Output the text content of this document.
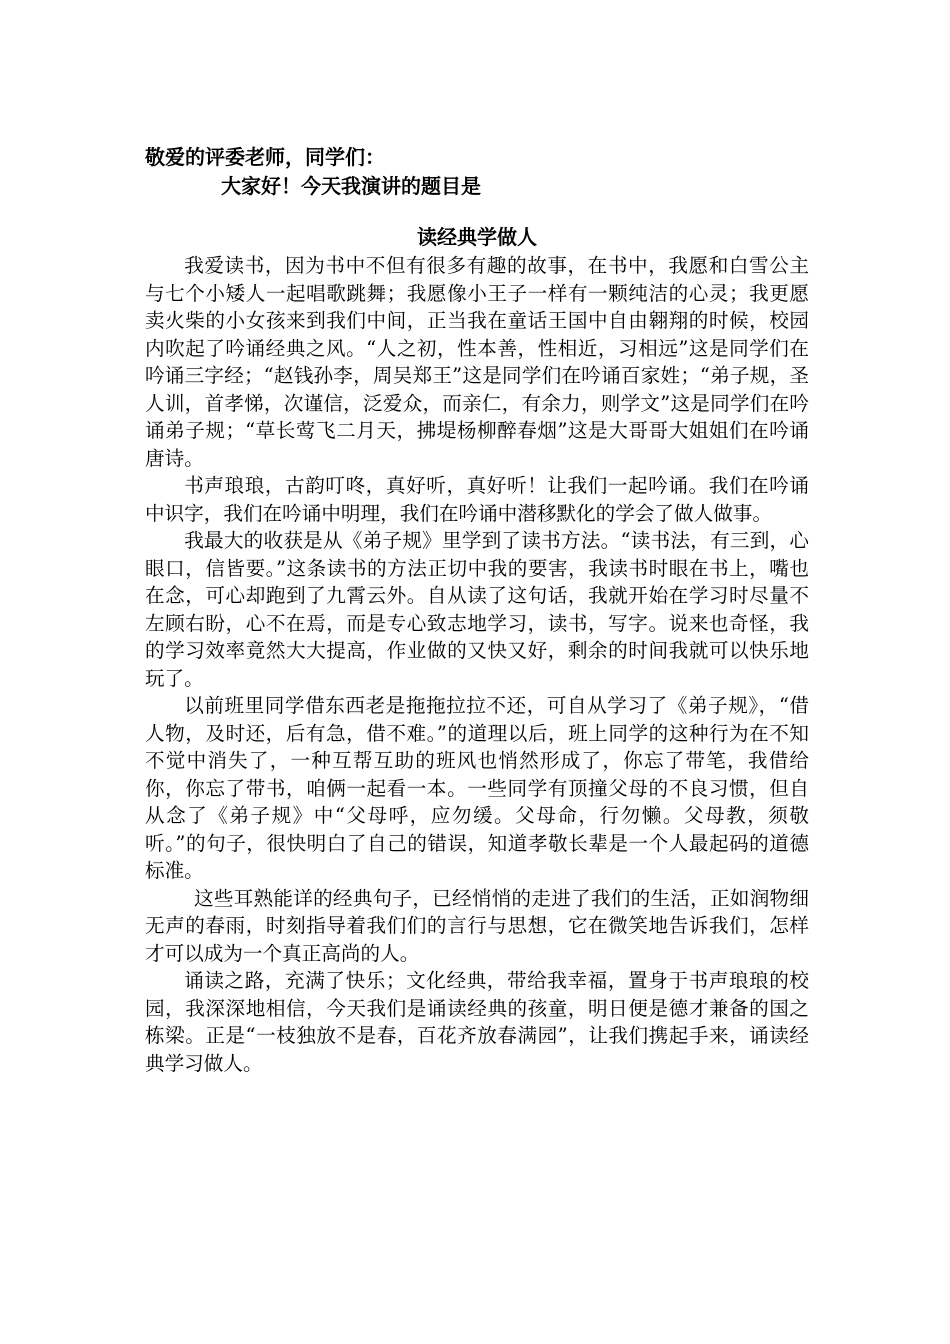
敬爱的评委老师，同学们：

大家好！今天我演讲的题目是

读经典学做人

我爱读书，因为书中不但有很多有趣的故事，在书中，我愿和白雪公主与七个小矮人一起唱歌跳舞；我愿像小王子一样有一颗纯洁的心灵；我更愿卖火柴的小女孩来到我们中间，正当我在童话王国中自由翱翔的时候，校园内吹起了吟诵经典之风。“人之初，性本善，性相近，习相远”这是同学们在吟诵三字经；“赵钱孙李，周吴郑王”这是同学们在吟诵百家姓；“弟子规，圣人训，首孝悌，次谨信，泛爱众，而亲仁，有余力，则学文”这是同学们在吟诵弟子规；“草长莺飞二月天，拂堤杨柳醉春烟”这是大哥哥大姐姐们在吟诵唐诗。

书声琅琅，古韵叮咚，真好听，真好听！让我们一起吟诵。我们在吟诵中识字，我们在吟诵中明理，我们在吟诵中潜移默化的学会了做人做事。

我最大的收获是从《弟子规》里学到了读书方法。“读书法，有三到，心眼口，信皆要。”这条读书的方法正切中我的要害，我读书时眼在书上，嘴也在念，可心却跑到了九霄云外。自从读了这句话，我就开始在学习时尽量不左顾右盼，心不在焉，而是专心致志地学习，读书，写字。说来也奇怪，我的学习效率竟然大大提高，作业做的又快又好，剩余的时间我就可以快乐地玩了。

以前班里同学借东西老是拖拖拉拉不还，可自从学习了《弟子规》，“借人物，及时还，后有急，借不难。”的道理以后，班上同学的这种行为在不知不觉中消失了，一种互帮互助的班风也悄然形成了，你忘了带笔，我借给你，你忘了带书，咱俩一起看一本。一些同学有顶撞父母的不良习惯，但自从念了《弟子规》中“父母呼，应勿缓。父母命，行勿懒。父母教，须敬听。”的句子，很快明白了自己的错误，知道孝敬长辈是一个人最起码的道德标准。

这些耳熟能详的经典句子，已经悄悄的走进了我们的生活，正如润物细无声的春雨，时刻指导着我们们的言行与思想，它在微笑地告诉我们，怎样才可以成为一个真正高尚的人。

诵读之路，充满了快乐；文化经典，带给我幸福，置身于书声琅琅的校园，我深深地相信，今天我们是诵读经典的孩童，明日便是德才兼备的国之栋梁。正是“一枝独放不是春，百花齐放春满园”，让我们携起手来，诵读经典学习做人。
